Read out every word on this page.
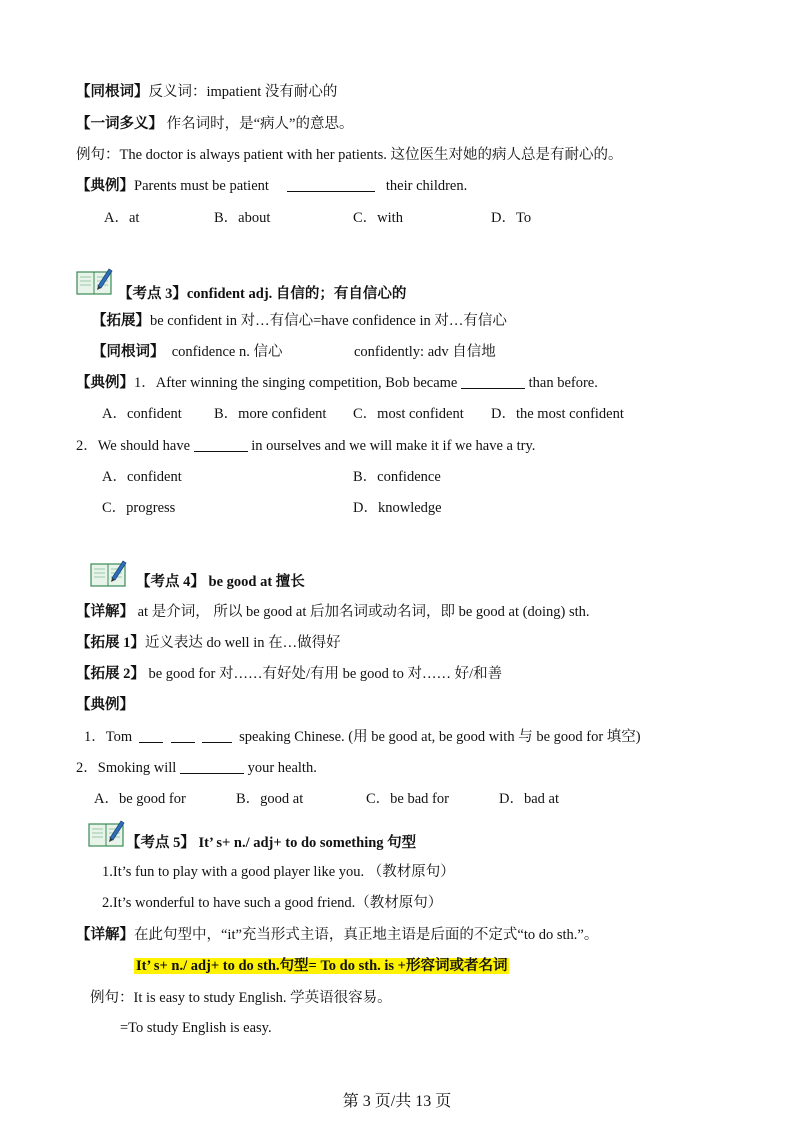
【同根词】反义词：impatient 没有耐心的
【一词多义】 作名词时，是“病人”的意思。
例句：The doctor is always patient with her patients. 这位医生对她的病人总是有耐心的。
【典例】Parents must be patient	their children.
A．at	B．about	C．with	D．To
【考点 3】confident adj. 自信的；有自信心的
【拓展】be confident in 对…有信心=have confidence in 对…有信心
【同根词】 confidence n. 信心	confidently: adv 自信地
【典例】1．After winning the singing competition, Bob became	than before.
A．confident B．more confident C．most confident D．the most confident
2．We should have	in ourselves and we will make it if we have a try.
A．confident	B．confidence
C．progress	D．knowledge
【考点 4】 be good at 擅长
【详解】 at 是介词， 所以 be good at 后加名词或动名词，即 be good at (doing) sth.
【拓展 1】近义表达 do well in 在…做得好
【拓展 2】 be good for 对……有好处/有用 be good to 对…… 好/和善
【典例】
1．Tom	speaking Chinese. (用 be good at, be good with 与 be good for 填空)
2．Smoking will	your health.
A．be good for	B．good at	C．be bad for	D．bad at
【考点 5】 It’ s+ n./ adj+ to do something 句型
1.It’s fun to play with a good player like you. （教材原句）
2.It’s wonderful to have such a good friend.（教材原句）
【详解】在此句型中，“it”充当形式主语，真正地主语是后面的不定式“to do sth.”。
It’ s+ n./ adj+ to do sth.句型= To do sth. is +形容词或者名词
例句：It is easy to study English. 学英语很容易。
=To study English is easy.
第 3 页/共 13 页
